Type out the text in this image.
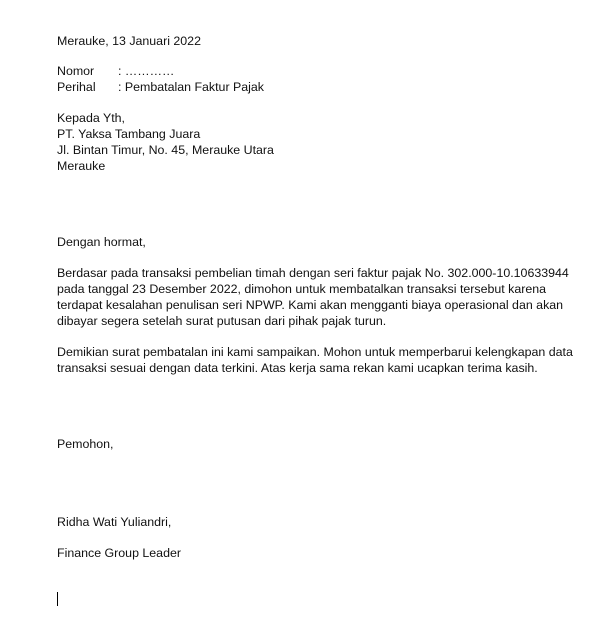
Merauke, 13 Januari 2022
Nomor : …………
Perihal : Pembatalan Faktur Pajak
Kepada Yth,
PT. Yaksa Tambang Juara
Jl. Bintan Timur, No. 45, Merauke Utara
Merauke
Dengan hormat,
Berdasar pada transaksi pembelian timah dengan seri faktur pajak No. 302.000-10.10633944
pada tanggal 23 Desember 2022, dimohon untuk membatalkan transaksi tersebut karena
terdapat kesalahan penulisan seri NPWP. Kami akan mengganti biaya operasional dan akan
dibayar segera setelah surat putusan dari pihak pajak turun.
Demikian surat pembatalan ini kami sampaikan. Mohon untuk memperbarui kelengkapan data
transaksi sesuai dengan data terkini. Atas kerja sama rekan kami ucapkan terima kasih.
Pemohon,
Ridha Wati Yuliandri,
Finance Group Leader
